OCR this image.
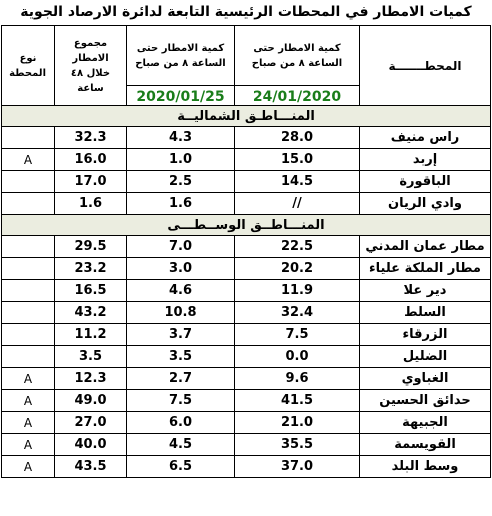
كميات الامطار في المحطات الرئيسية التابعة لدائرة الارصاد الجوية
نوع المحطة	مجموع الامطار خلال ٤٨ ساعة	كمية الامطار حتى الساعة ٨ من صباح	كمية الامطار حتى الساعة ٨ من صباح	المحطـــــــة
		2020/01/25	24/01/2020	
المنـــاطـق الشماليــة				
	32.3	4.3	28.0	راس منيف
A	16.0	1.0	15.0	إربد
	17.0	2.5	14.5	الباقورة
	1.6	1.6	//	وادي الريان
المنـــاطــق الوســطـــى				
	29.5	7.0	22.5	مطار عمان المدني
	23.2	3.0	20.2	مطار الملكة علياء
	16.5	4.6	11.9	دير علا
	43.2	10.8	32.4	السلط
	11.2	3.7	7.5	الزرقاء
	3.5	3.5	0.0	الضليل
A	12.3	2.7	9.6	الغباوي
A	49.0	7.5	41.5	حدائق الحسين
A	27.0	6.0	21.0	الجبيهة
A	40.0	4.5	35.5	القويسمة
A	43.5	6.5	37.0	وسط البلد
